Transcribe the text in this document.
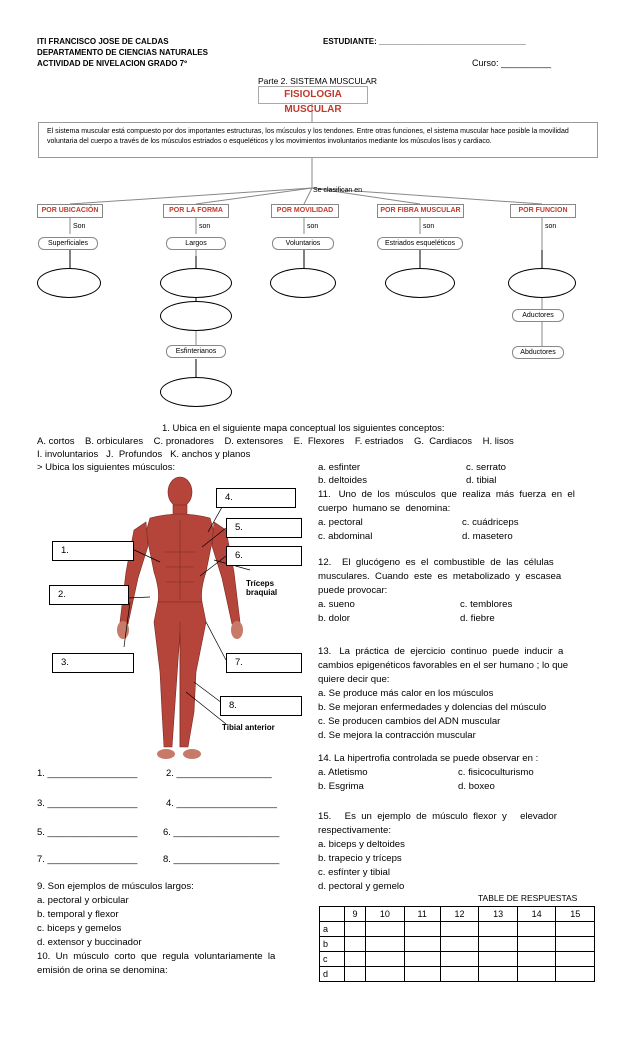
ITI FRANCISCO JOSE DE CALDAS
DEPARTAMENTO DE CIENCIAS NATURALES
ACTIVIDAD DE NIVELACION GRADO 7º
ESTUDIANTE: _________________________________
Curso: __________
Parte 2. SISTEMA MUSCULAR
FISIOLOGIA MUSCULAR
El sistema muscular está compuesto por dos importantes estructuras, los músculos y los tendones. Entre otras funciones, el sistema muscular hace posible la movilidad voluntaria del cuerpo a través de los músculos estriados o esqueléticos y los movimientos involuntarios mediante los músculos lisos y cardiaco.
Se clasifican en
POR UBICACIÓN	POR LA FORMA	POR MOVILIDAD	POR FIBRA MUSCULAR	POR FUNCION
Son	son	son	son	son
Superficiales	Largos	Voluntarios	Estriados esqueléticos
Esfinterianos
Aductores
Abductores
1. Ubica en el siguiente mapa conceptual los siguientes conceptos:
A. cortos    B. orbiculares    C. pronadores    D. extensores    E.  Flexores    F. estriados    G.  Cardiacos    H. lisos
I. involuntarios   J.  Profundos   K. anchos y planos
> Ubica los siguientes músculos:
Tríceps braquial
Tibial anterior
4.
5.
1.	6.
2.
3.	7.
8.
1. _________________	2. __________________
3. _________________	4. ___________________
5. _________________	6. ____________________
7. _________________	8. ____________________
9. Son ejemplos de músculos largos:
a. pectoral y orbicular
b. temporal y flexor
c. biceps y gemelos
d. extensor y buccinador
10.  Un  músculo  corto  que  regula  voluntariamente  la
emisión de orina se denomina:
a. esfinter	c. serrato
b. deltoides	d. tibial
11.   Uno  de  los  músculos  que  realiza  más  fuerza  en  el
cuerpo  humano se  denomina:
a. pectoral	c. cuádriceps
c. abdominal	d. masetero
12.    El  glucógeno  es  el  combustible  de  las  células
musculares.  Cuando  este  es  metabolizado  y  escasea
puede provocar:
a. sueno	c. temblores
b. dolor	d. fiebre
13.   La  práctica  de  ejercicio  continuo  puede  inducir  a
cambios epigenéticos favorables en el ser humano ; lo que
quiere decir que:
a. Se produce más calor en los músculos
b. Se mejoran enfermedades y dolencias del músculo
c. Se producen cambios del ADN muscular
d. Se mejora la contracción muscular
14. La hipertrofia controlada se puede observar en :
a. Atletismo	c. fisicoculturismo
b. Esgrima	d. boxeo
15.     Es  un  ejemplo  de  músculo  flexor  y     elevador
respectivamente:
a. biceps y deltoides
b. trapecio y tríceps
c. esfínter y tibial
d. pectoral y gemelo
TABLE DE RESPUESTAS
	9	10	11	12	13	14	15
a							
b							
c							
d							
